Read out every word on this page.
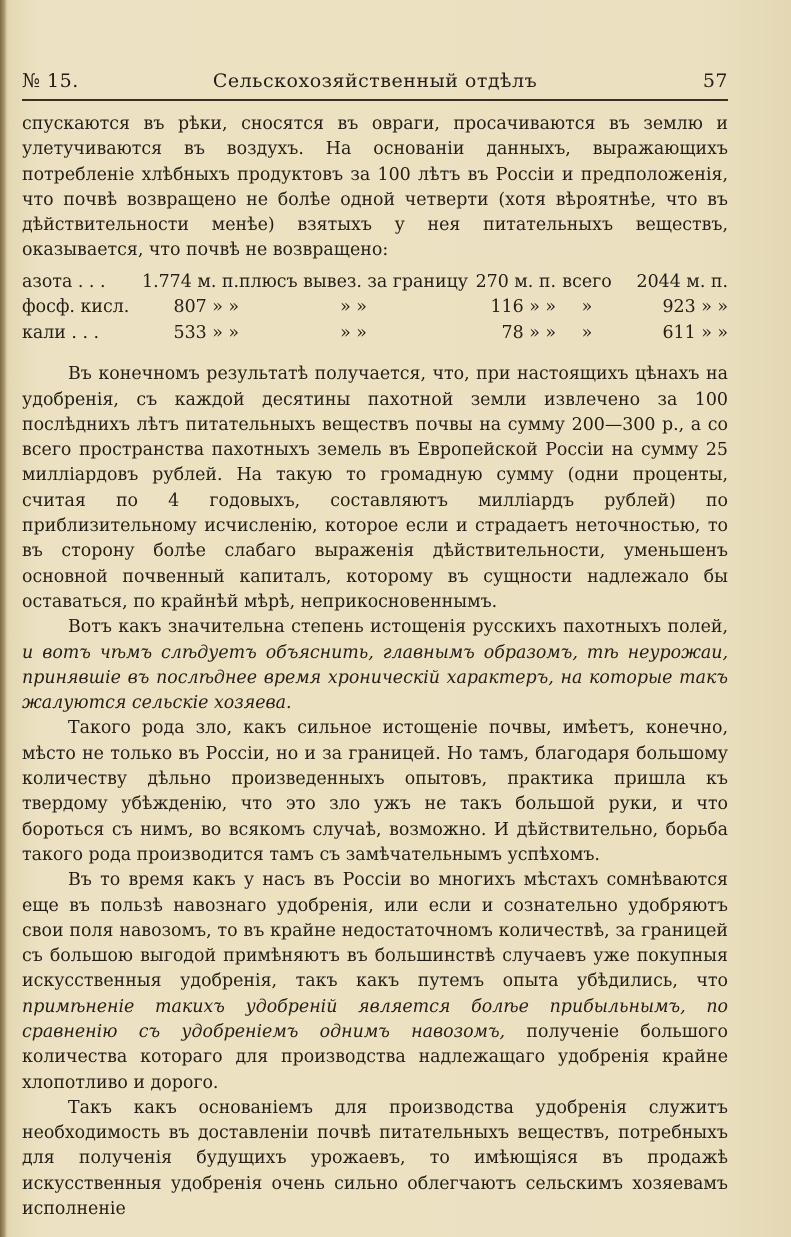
№ 15.	Сельскохозяйственный отдѣлъ	57

спускаются въ рѣки, сносятся въ овраги, просачиваются въ землю и улетучиваются въ воздухъ. На основаніи данныхъ, выражающихъ потребленіе хлѣбныхъ продуктовъ за 100 лѣтъ въ Россіи и предположенія, что почвѣ возвращено не болѣе одной четверти (хотя вѣроятнѣе, что въ дѣйствительности менѣе) взятыхъ у нея питательныхъ веществъ, оказывается, что почвѣ не возвращено:

азота . . .	1.774 м. п.	плюсъ вывез. за границу	270 м. п.	всего	2044 м. п.
фосф. кисл.	807 » »	» »	116 » »	»	923 » »
кали . . .	533 » »	» »	78 » »	»	611 » »

Въ конечномъ результатѣ получается, что, при настоящихъ цѣнахъ на удобренія, съ каждой десятины пахотной земли извлечено за 100 послѣднихъ лѣтъ питательныхъ веществъ почвы на сумму 200—300 р., а со всего пространства пахотныхъ земель въ Европейской Россіи на сумму 25 милліардовъ рублей. На такую то громадную сумму (одни проценты, считая по 4 годовыхъ, составляютъ милліардъ рублей) по приблизительному исчисленію, которое если и страдаетъ неточностью, то въ сторону болѣе слабаго выраженія дѣйствительности, уменьшенъ основной почвенный капиталъ, которому въ сущности надлежало бы оставаться, по крайнѣй мѣрѣ, неприкосновеннымъ.

Вотъ какъ значительна степень истощенія русскихъ пахотныхъ полей, и вотъ чѣмъ слѣдуетъ объяснить, главнымъ образомъ, тѣ неурожаи, принявшіе въ послѣднее время хроническій характеръ, на которые такъ жалуются сельскіе хозяева.

Такого рода зло, какъ сильное истощеніе почвы, имѣетъ, конечно, мѣсто не только въ Россіи, но и за границей. Но тамъ, благодаря большому количеству дѣльно произведенныхъ опытовъ, практика пришла къ твердому убѣжденію, что это зло ужъ не такъ большой руки, и что бороться съ нимъ, во всякомъ случаѣ, возможно. И дѣйствительно, борьба такого рода производится тамъ съ замѣчательнымъ успѣхомъ.

Въ то время какъ у насъ въ Россіи во многихъ мѣстахъ сомнѣваются еще въ пользѣ навознаго удобренія, или если и сознательно удобряютъ свои поля навозомъ, то въ крайне недостаточномъ количествѣ, за границей съ большою выгодой примѣняютъ въ большинствѣ случаевъ уже покупныя искусственныя удобренія, такъ какъ путемъ опыта убѣдились, что примѣненіе такихъ удобреній является болѣе прибыльнымъ, по сравненію съ удобреніемъ однимъ навозомъ, полученіе большого количества котораго для производства надлежащаго удобренія крайне хлопотливо и дорого.

Такъ какъ основаніемъ для производства удобренія служитъ необходимость въ доставленіи почвѣ питательныхъ веществъ, потребныхъ для полученія будущихъ урожаевъ, то имѣющіяся въ продажѣ искусственныя удобренія очень сильно облегчаютъ сельскимъ хозяевамъ исполненіе
